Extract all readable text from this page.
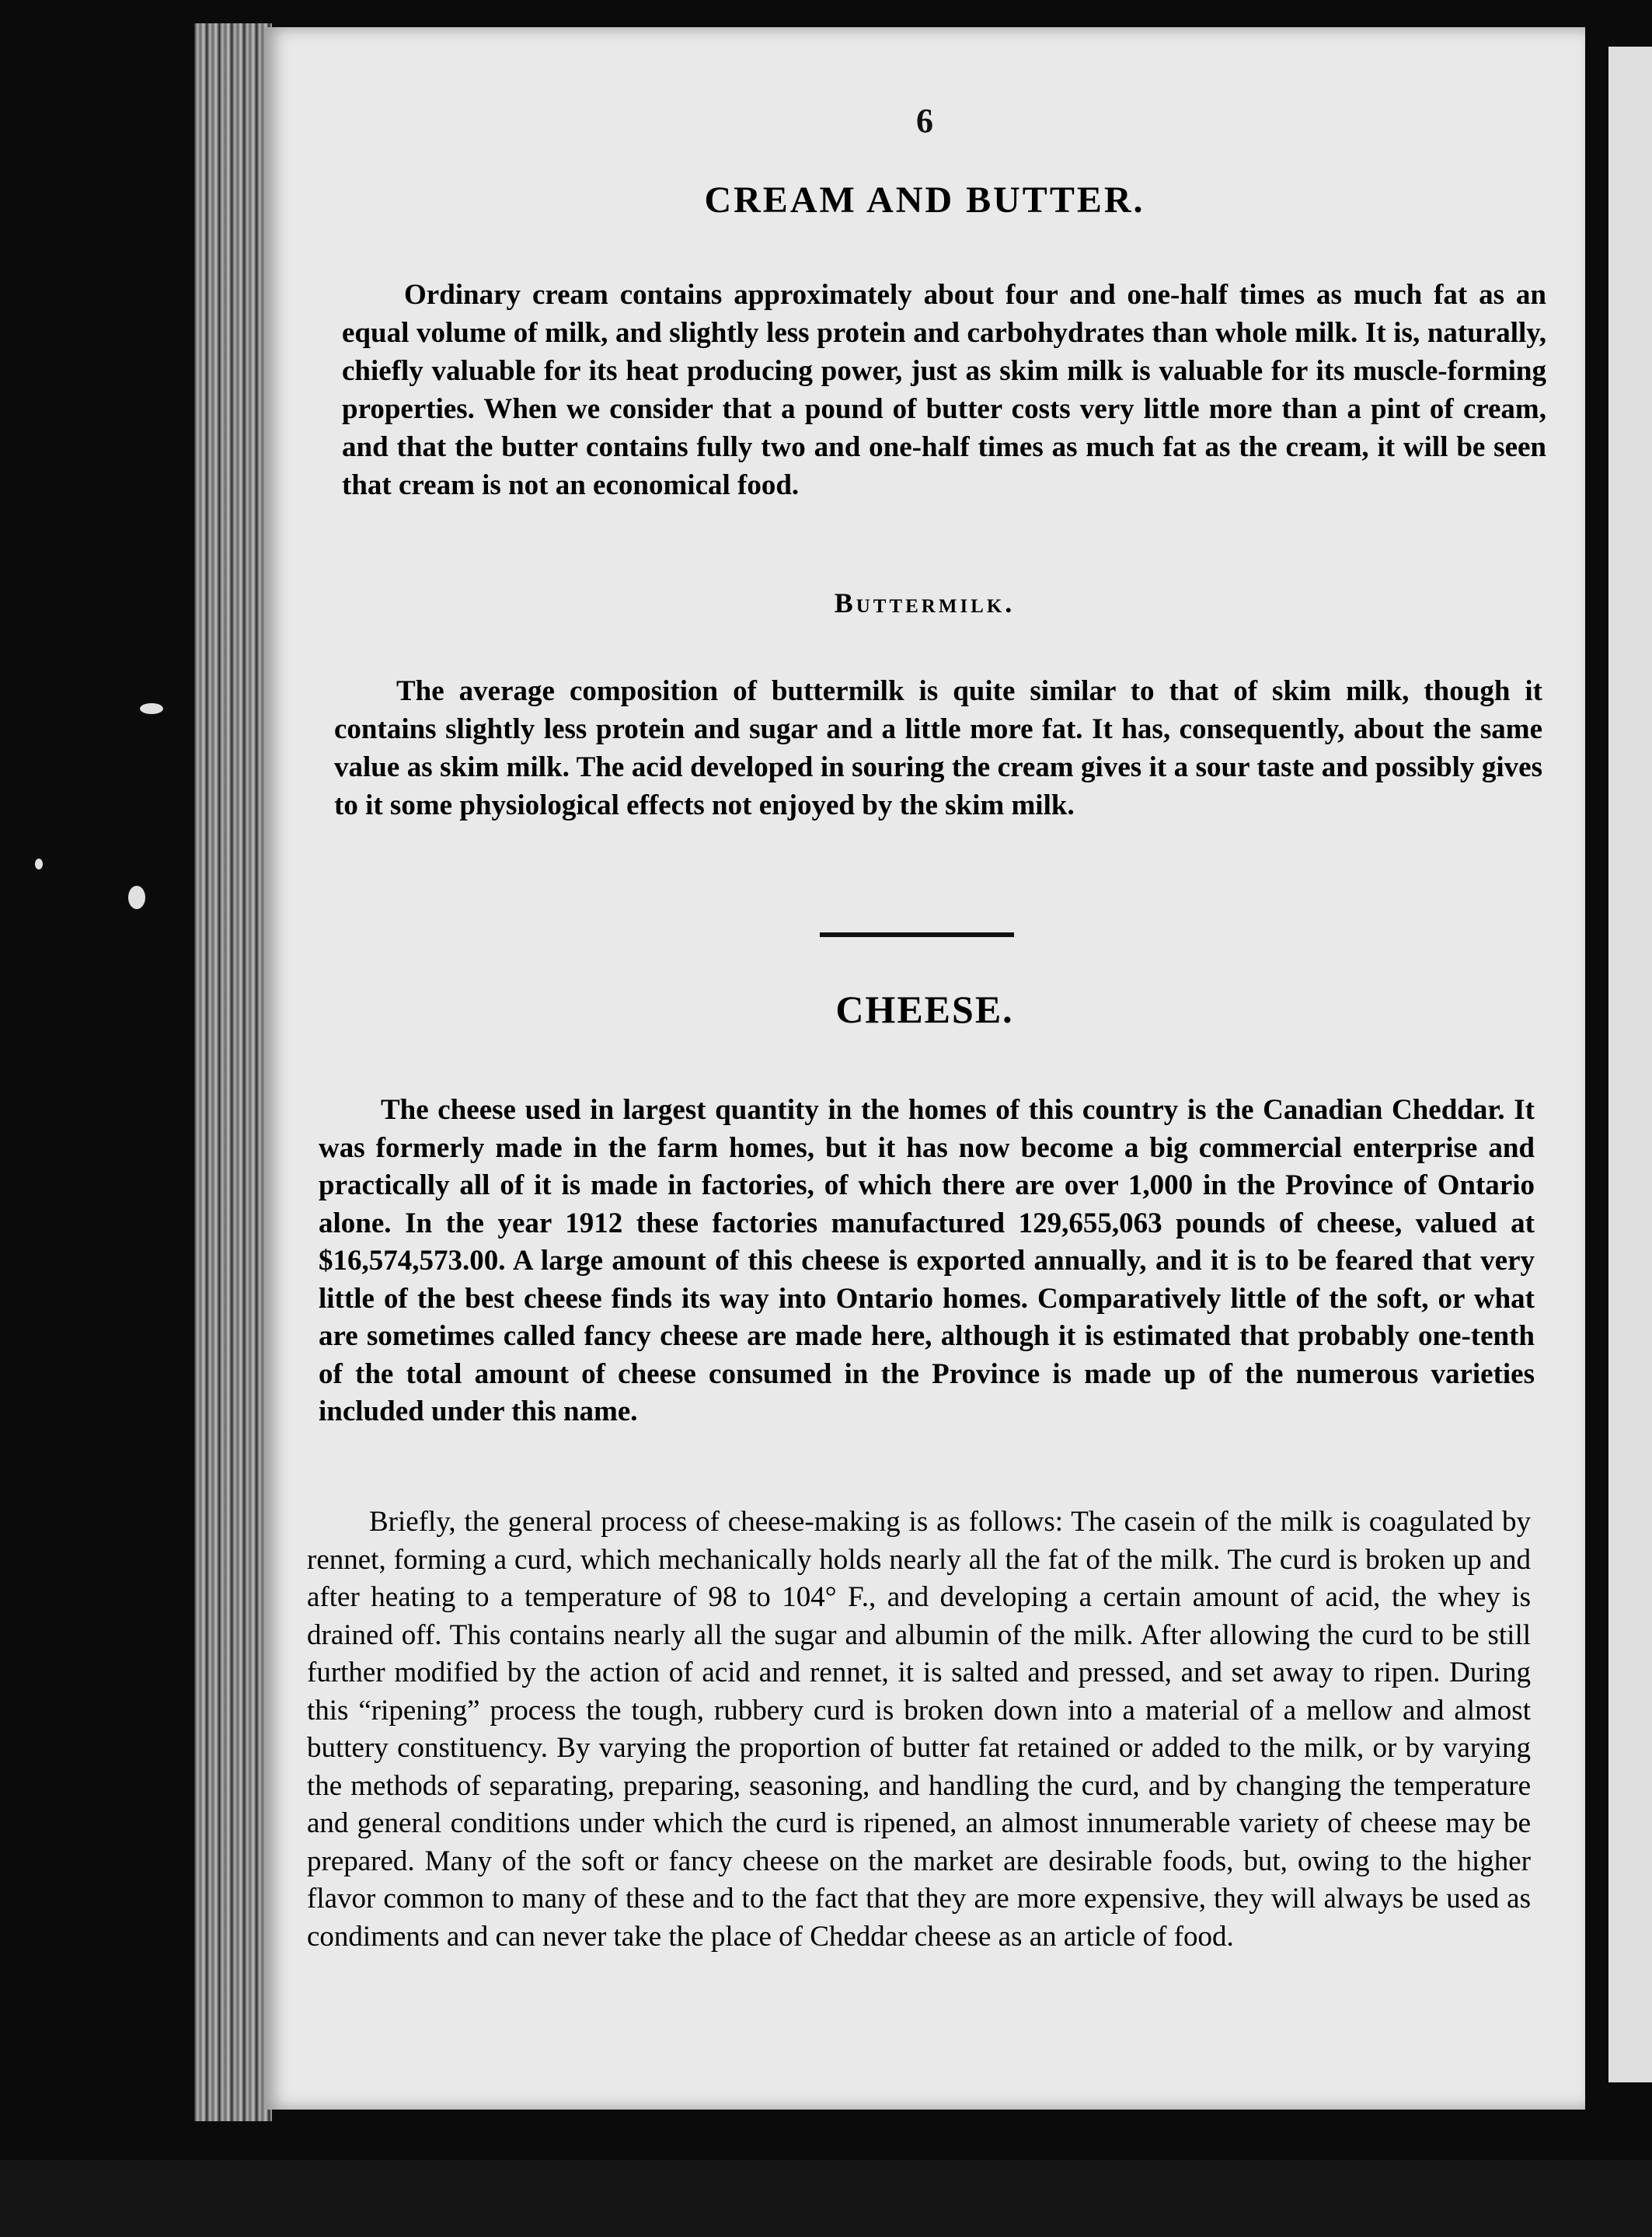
6
CREAM AND BUTTER.

Ordinary cream contains approximately about four and one-half times as much fat as an equal volume of milk, and slightly less protein and carbohydrates than whole milk. It is, naturally, chiefly valuable for its heat producing power, just as skim milk is valuable for its muscle-forming properties. When we consider that a pound of butter costs very little more than a pint of cream, and that the butter contains fully two and one-half times as much fat as the cream, it will be seen that cream is not an economical food.

Buttermilk.

The average composition of buttermilk is quite similar to that of skim milk, though it contains slightly less protein and sugar and a little more fat. It has, consequently, about the same value as skim milk. The acid developed in souring the cream gives it a sour taste and possibly gives to it some physiological effects not enjoyed by the skim milk.

CHEESE.

The cheese used in largest quantity in the homes of this country is the Canadian Cheddar. It was formerly made in the farm homes, but it has now become a big commercial enterprise and practically all of it is made in factories, of which there are over 1,000 in the Province of Ontario alone. In the year 1912 these factories manufactured 129,655,063 pounds of cheese, valued at $16,574,573.00. A large amount of this cheese is exported annually, and it is to be feared that very little of the best cheese finds its way into Ontario homes. Comparatively little of the soft, or what are sometimes called fancy cheese are made here, although it is estimated that probably one-tenth of the total amount of cheese consumed in the Province is made up of the numerous varieties included under this name.

Briefly, the general process of cheese-making is as follows: The casein of the milk is coagulated by rennet, forming a curd, which mechanically holds nearly all the fat of the milk. The curd is broken up and after heating to a temperature of 98 to 104° F., and developing a certain amount of acid, the whey is drained off. This contains nearly all the sugar and albumin of the milk. After allowing the curd to be still further modified by the action of acid and rennet, it is salted and pressed, and set away to ripen. During this “ripening” process the tough, rubbery curd is broken down into a material of a mellow and almost buttery constituency. By varying the proportion of butter fat retained or added to the milk, or by varying the methods of separating, preparing, seasoning, and handling the curd, and by changing the temperature and general conditions under which the curd is ripened, an almost innumerable variety of cheese may be prepared. Many of the soft or fancy cheese on the market are desirable foods, but, owing to the higher flavor common to many of these and to the fact that they are more expensive, they will always be used as condiments and can never take the place of Cheddar cheese as an article of food.
